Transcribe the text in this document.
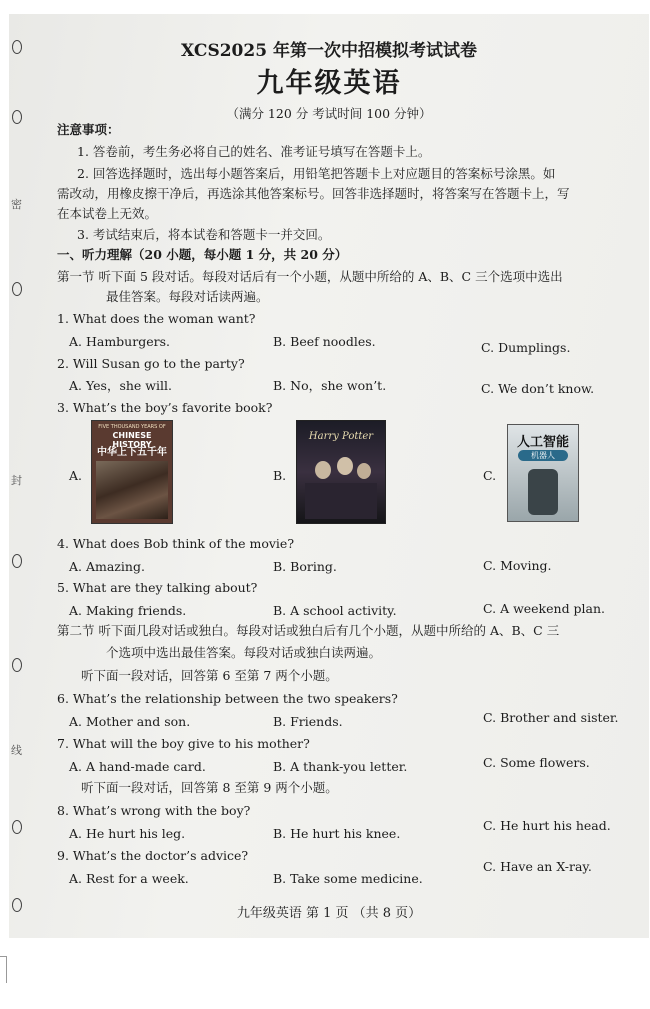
密
封
线
XCS2025 年第一次中招模拟考试试卷
九年级英语
（满分 120 分 考试时间 100 分钟）
注意事项：
1. 答卷前，考生务必将自己的姓名、准考证号填写在答题卡上。
2. 回答选择题时，选出每小题答案后，用铅笔把答题卡上对应题目的答案标号涂黑。如
需改动，用橡皮擦干净后，再选涂其他答案标号。回答非选择题时，将答案写在答题卡上，写
在本试卷上无效。
3. 考试结束后，将本试卷和答题卡一并交回。
一、听力理解（20 小题，每小题 1 分，共 20 分）
第一节 听下面 5 段对话。每段对话后有一个小题，从题中所给的 A、B、C 三个选项中选出
最佳答案。每段对话读两遍。
1. What does the woman want?
A. Hamburgers.	B. Beef noodles.	C. Dumplings.
2. Will Susan go to the party?
A. Yes，she will.	B. No，she won’t.	C. We don’t know.
3. What’s the boy’s favorite book?
A.	B.	C.
FIVE THOUSAND YEARS OF
CHINESE HISTORY
中华上下五千年
Harry Potter	人工智能
机器人
4. What does Bob think of the movie?
A. Amazing.	B. Boring.	C. Moving.
5. What are they talking about?
A. Making friends.	B. A school activity.	C. A weekend plan.
第二节 听下面几段对话或独白。每段对话或独白后有几个小题，从题中所给的 A、B、C 三
个选项中选出最佳答案。每段对话或独白读两遍。
听下面一段对话，回答第 6 至第 7 两个小题。
6. What’s the relationship between the two speakers?
A. Mother and son.	B. Friends.	C. Brother and sister.
7. What will the boy give to his mother?
A. A hand-made card.	B. A thank-you letter.	C. Some flowers.
听下面一段对话，回答第 8 至第 9 两个小题。
8. What’s wrong with the boy?
A. He hurt his leg.	B. He hurt his knee.
C. He hurt his head.
9. What’s the doctor’s advice?
A. Rest for a week.	B. Take some medicine.
C. Have an X-ray.
九年级英语 第 1 页 （共 8 页）
